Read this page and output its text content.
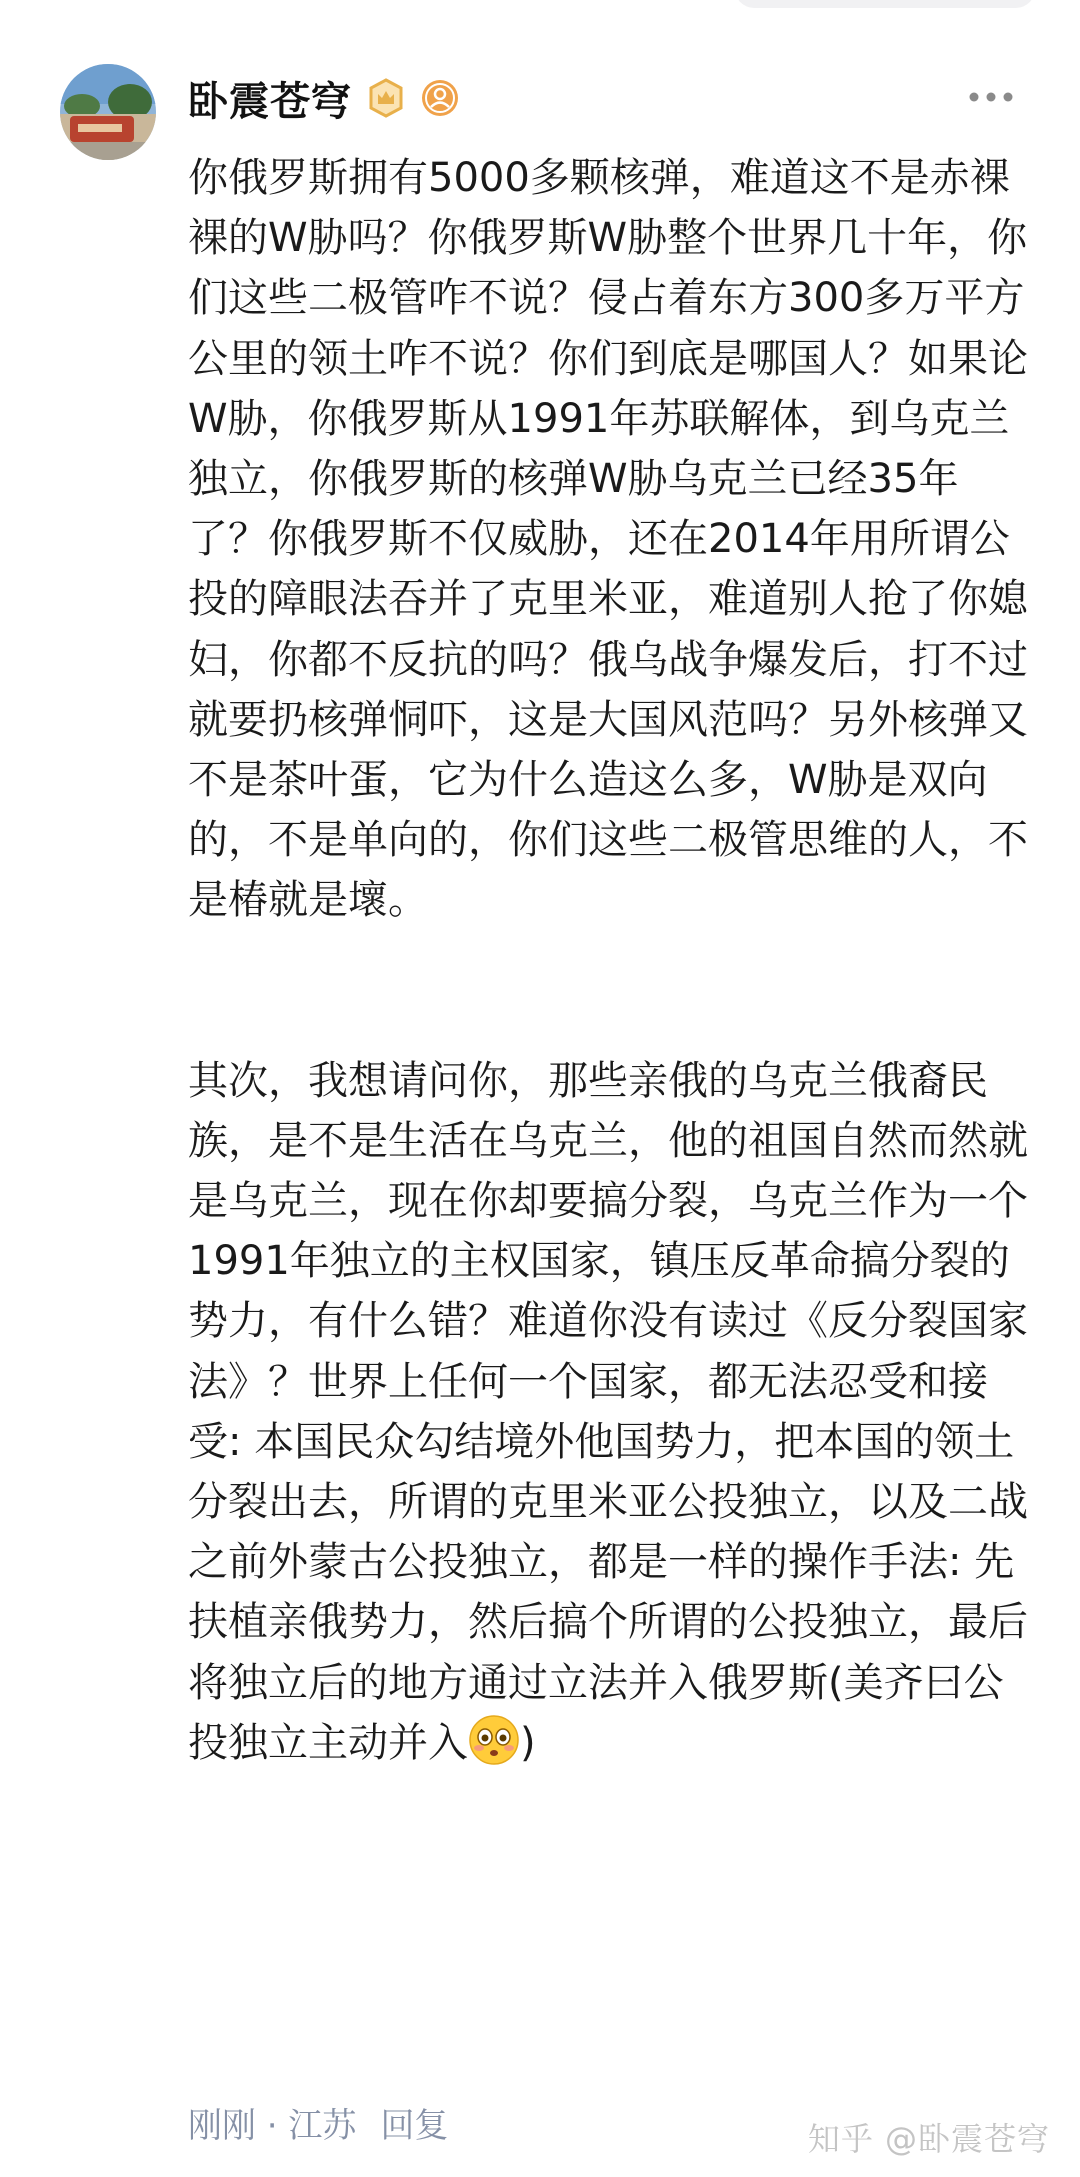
卧震苍穹

你俄罗斯拥有5000多颗核弹，难道这不是赤裸裸的W胁吗？你俄罗斯W胁整个世界几十年，你们这些二极管咋不说？侵占着东方300多万平方公里的领土咋不说？你们到底是哪国人？如果论W胁，你俄罗斯从1991年苏联解体，到乌克兰独立，你俄罗斯的核弹W胁乌克兰已经35年了？你俄罗斯不仅威胁，还在2014年用所谓公投的障眼法吞并了克里米亚，难道别人抢了你媳妇，你都不反抗的吗？俄乌战争爆发后，打不过就要扔核弹恫吓，这是大国风范吗？另外核弹又不是茶叶蛋，它为什么造这么多，W胁是双向的，不是单向的，你们这些二极管思维的人，不是椿就是壞。

其次，我想请问你，那些亲俄的乌克兰俄裔民族，是不是生活在乌克兰，他的祖国自然而然就是乌克兰，现在你却要搞分裂，乌克兰作为一个1991年独立的主权国家，镇压反革命搞分裂的势力，有什么错？难道你没有读过《反分裂国家法》？世界上任何一个国家，都无法忍受和接受: 本国民众勾结境外他国势力，把本国的领土分裂出去，所谓的克里米亚公投独立，以及二战之前外蒙古公投独立，都是一样的操作手法: 先扶植亲俄势力，然后搞个所谓的公投独立，最后将独立后的地方通过立法并入俄罗斯(美齐曰公投独立主动并入 )

刚刚 · 江苏 回复	知乎 @卧震苍穹
